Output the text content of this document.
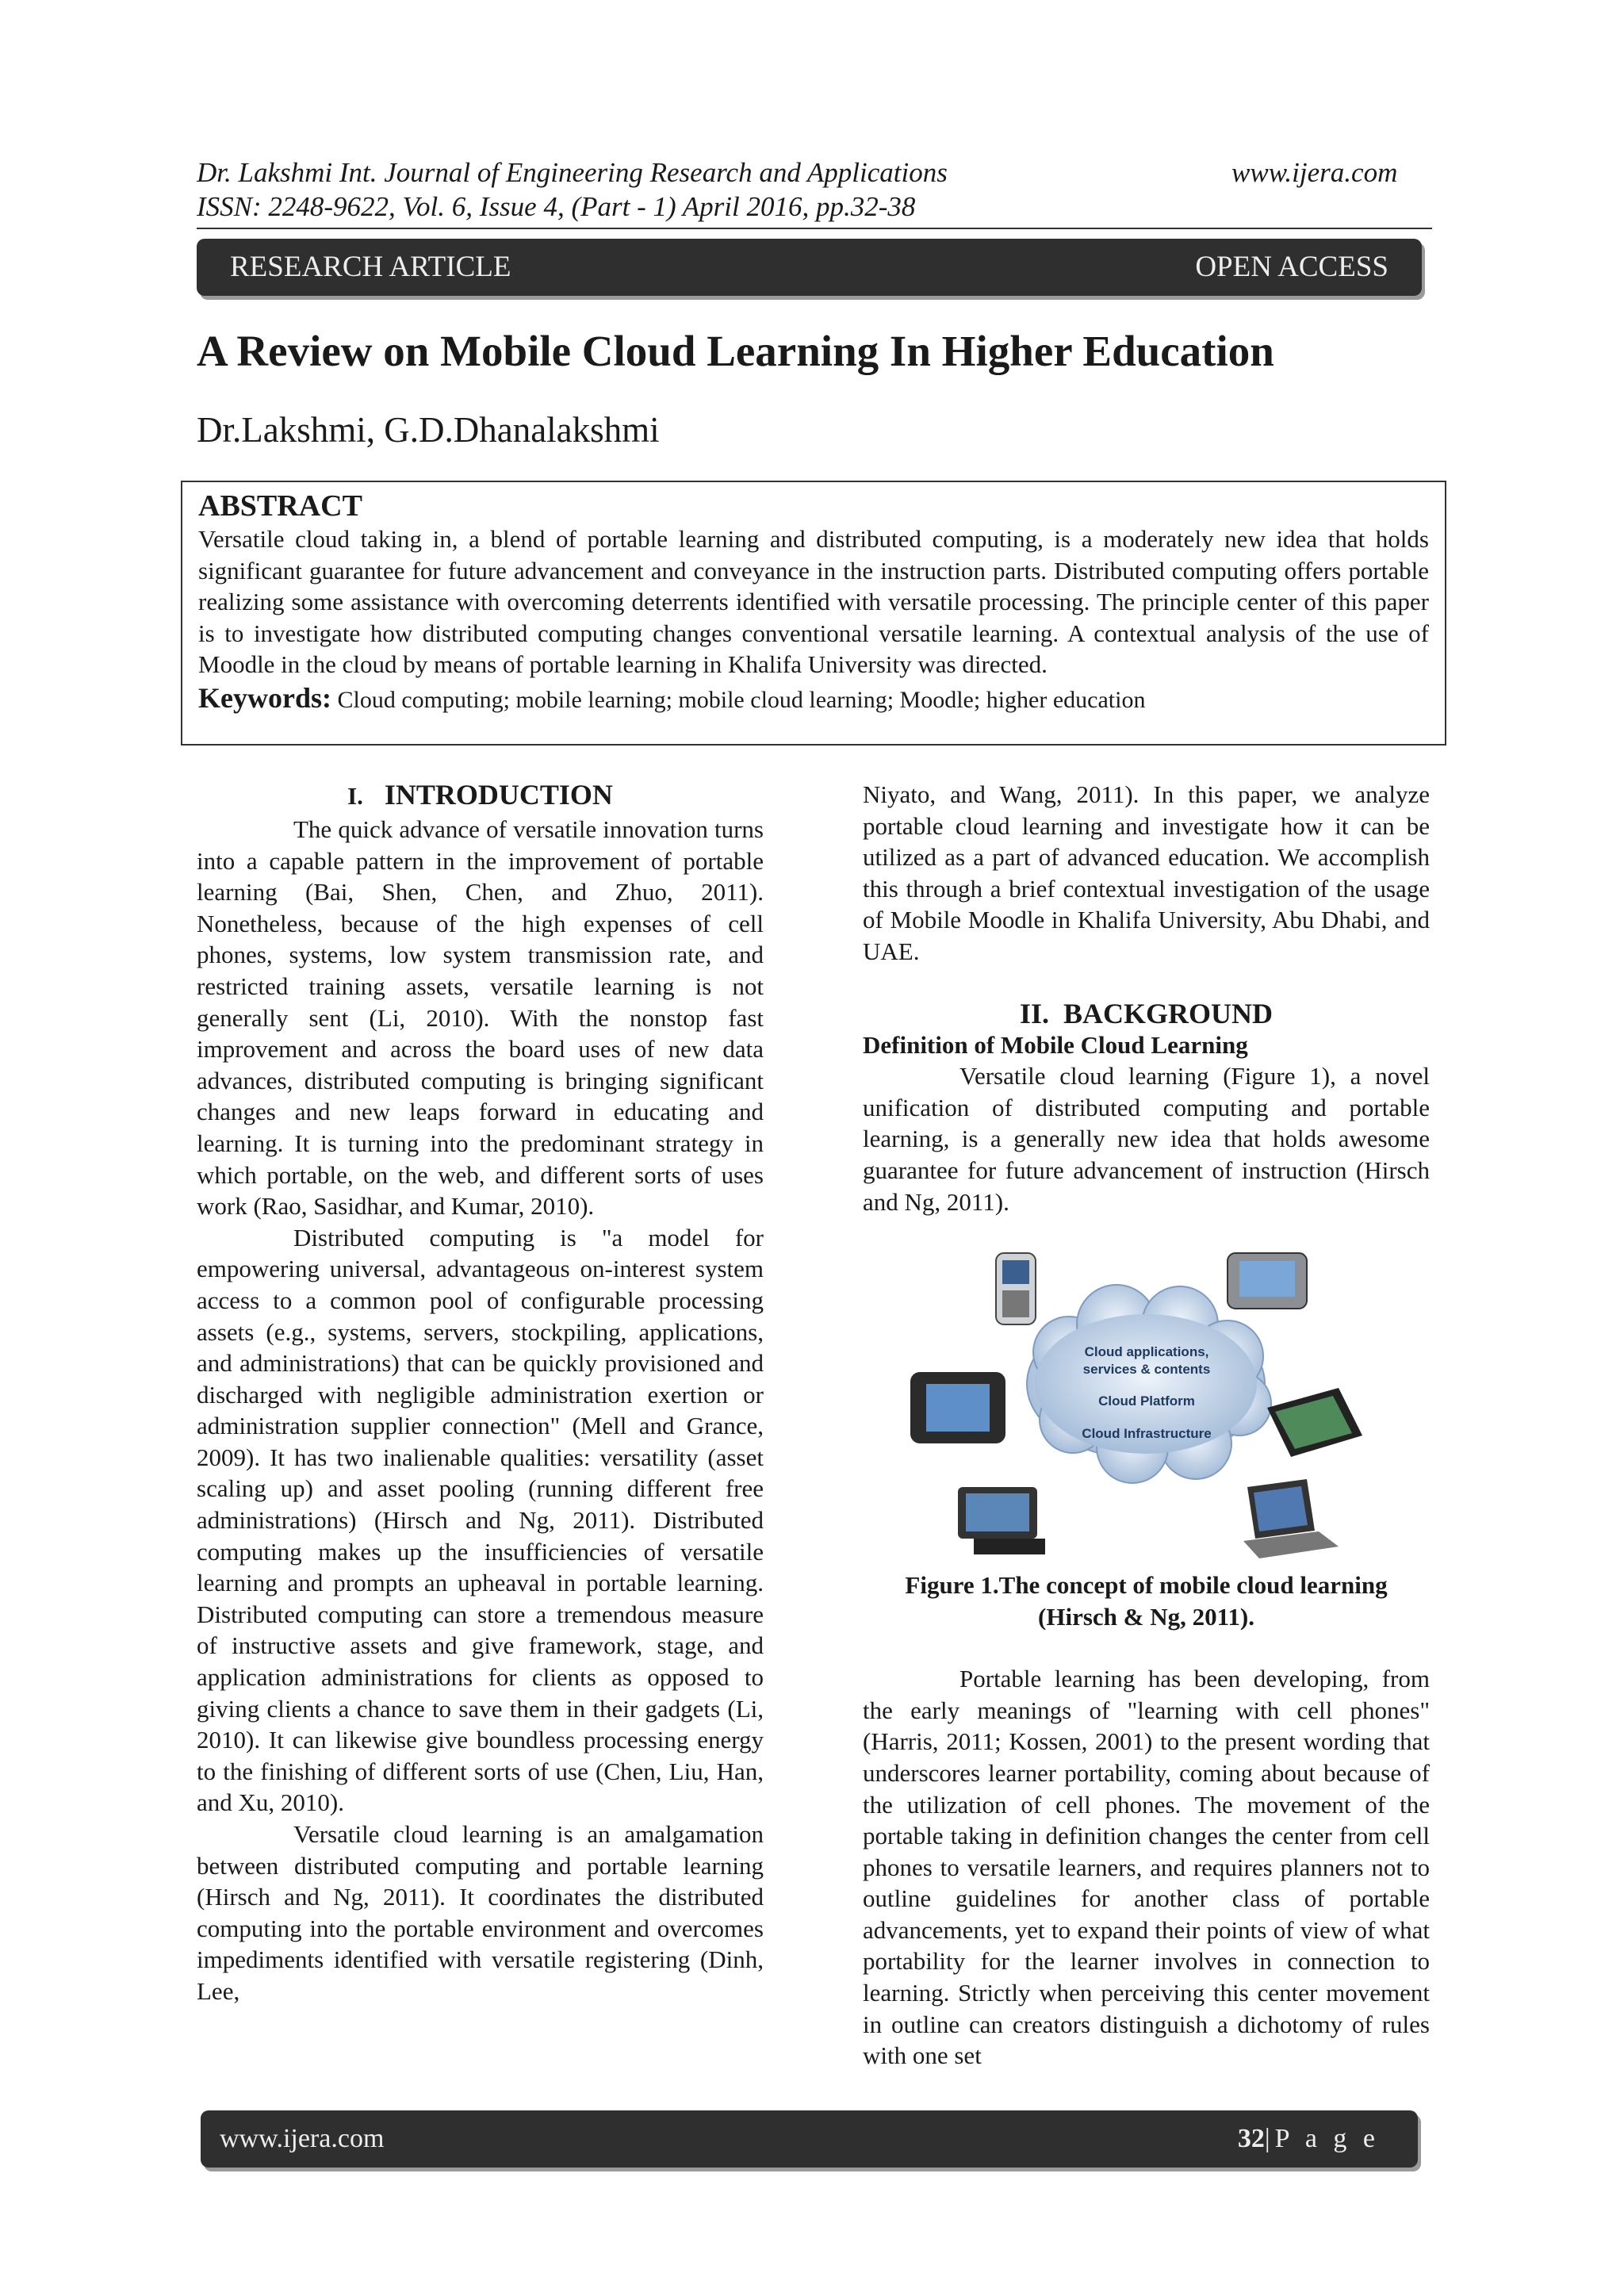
Dr. Lakshmi Int. Journal of Engineering Research and Applications	www.ijera.com
ISSN: 2248-9622, Vol. 6, Issue 4, (Part - 1) April 2016, pp.32-38
RESEARCH ARTICLE	OPEN ACCESS
A Review on Mobile Cloud Learning In Higher Education
Dr.Lakshmi, G.D.Dhanalakshmi
ABSTRACT

Versatile cloud taking in, a blend of portable learning and distributed computing, is a moderately new idea that holds significant guarantee for future advancement and conveyance in the instruction parts. Distributed computing offers portable realizing some assistance with overcoming deterrents identified with versatile processing. The principle center of this paper is to investigate how distributed computing changes conventional versatile learning. A contextual analysis of the use of Moodle in the cloud by means of portable learning in Khalifa University was directed.

Keywords: Cloud computing; mobile learning; mobile cloud learning; Moodle; higher education

I. INTRODUCTION

The quick advance of versatile innovation turns into a capable pattern in the improvement of portable learning (Bai, Shen, Chen, and Zhuo, 2011). Nonetheless, because of the high expenses of cell phones, systems, low system transmission rate, and restricted training assets, versatile learning is not generally sent (Li, 2010). With the nonstop fast improvement and across the board uses of new data advances, distributed computing is bringing significant changes and new leaps forward in educating and learning. It is turning into the predominant strategy in which portable, on the web, and different sorts of uses work (Rao, Sasidhar, and Kumar, 2010).

Distributed computing is "a model for empowering universal, advantageous on-interest system access to a common pool of configurable processing assets (e.g., systems, servers, stockpiling, applications, and administrations) that can be quickly provisioned and discharged with negligible administration exertion or administration supplier connection" (Mell and Grance, 2009). It has two inalienable qualities: versatility (asset scaling up) and asset pooling (running different free administrations) (Hirsch and Ng, 2011). Distributed computing makes up the insufficiencies of versatile learning and prompts an upheaval in portable learning. Distributed computing can store a tremendous measure of instructive assets and give framework, stage, and application administrations for clients as opposed to giving clients a chance to save them in their gadgets (Li, 2010). It can likewise give boundless processing energy to the finishing of different sorts of use (Chen, Liu, Han, and Xu, 2010).

Versatile cloud learning is an amalgamation between distributed computing and portable learning (Hirsch and Ng, 2011). It coordinates the distributed computing into the portable environment and overcomes impediments identified with versatile registering (Dinh, Lee,

Niyato, and Wang, 2011). In this paper, we analyze portable cloud learning and investigate how it can be utilized as a part of advanced education. We accomplish this through a brief contextual investigation of the usage of Mobile Moodle in Khalifa University, Abu Dhabi, and UAE.

II. BACKGROUND

Definition of Mobile Cloud Learning

Versatile cloud learning (Figure 1), a novel unification of distributed computing and portable learning, is a generally new idea that holds awesome guarantee for future advancement of instruction (Hirsch and Ng, 2011).

Cloud applications,
services & contents
Cloud Platform
Cloud Infrastructure
Figure 1.The concept of mobile cloud learning
(Hirsch & Ng, 2011).

Portable learning has been developing, from the early meanings of "learning with cell phones" (Harris, 2011; Kossen, 2001) to the present wording that underscores learner portability, coming about because of the utilization of cell phones. The movement of the portable taking in definition changes the center from cell phones to versatile learners, and requires planners not to outline guidelines for another class of portable advancements, yet to expand their points of view of what portability for the learner involves in connection to learning. Strictly when perceiving this center movement in outline can creators distinguish a dichotomy of rules with one set

www.ijera.com	32|P a g e
